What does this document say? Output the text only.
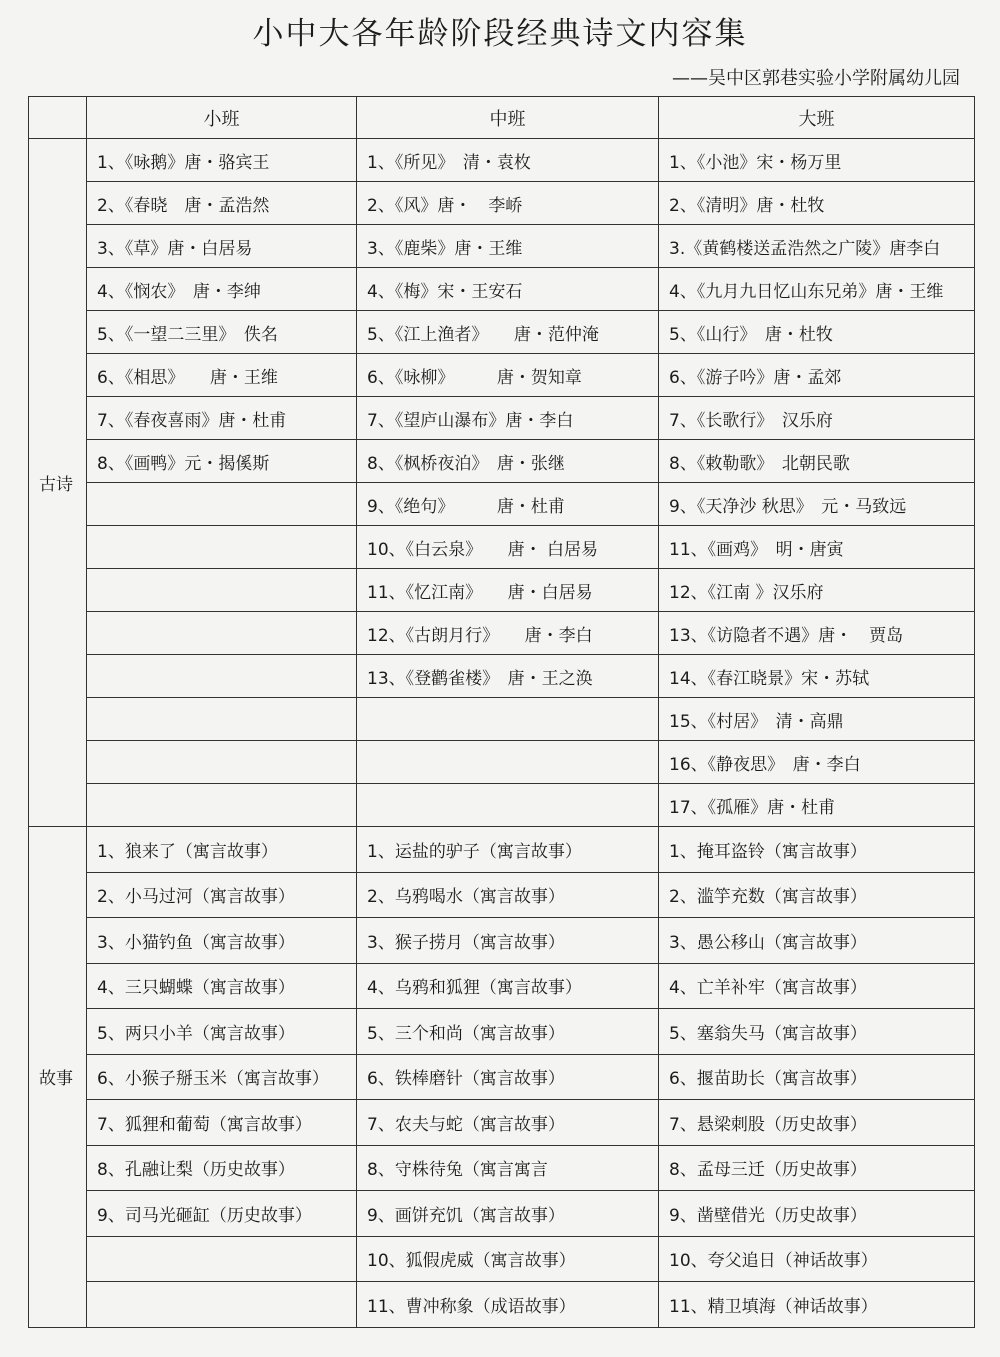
小中大各年龄阶段经典诗文内容集
——吴中区郭巷实验小学附属幼儿园
	小班	中班	大班
古诗	1、《咏鹅》唐・骆宾王	1、《所见》　清・袁枚	1、《小池》宋・杨万里
	2、《春晓　唐・孟浩然	2、《风》唐・　李峤	2、《清明》唐・杜牧
	3、《草》唐・白居易	3、《鹿柴》唐・王维	3.《黄鹤楼送孟浩然之广陵》唐李白
	4、《悯农》　唐・李绅	4、《梅》宋・王安石	4、《九月九日忆山东兄弟》唐・王维
	5、《一望二三里》　佚名	5、《江上渔者》　　唐・范仲淹	5、《山行》　唐・杜牧
	6、《相思》　　唐・王维	6、《咏柳》　　　唐・贺知章	6、《游子吟》唐・孟郊
	7、《春夜喜雨》唐・杜甫	7、《望庐山瀑布》唐・李白	7、《长歌行》　汉乐府
	8、《画鸭》元・揭傒斯	8、《枫桥夜泊》　唐・张继	8、《敕勒歌》　北朝民歌
		9、《绝句》　　　唐・杜甫	9、《天净沙 秋思》　元・马致远
		10、《白云泉》　　唐・ 白居易	11、《画鸡》　明・唐寅
		11、《忆江南》　　唐・白居易	12、《江南 》汉乐府
		12、《古朗月行》　　唐・李白	13、《访隐者不遇》唐・　贾岛
		13、《登鹳雀楼》　唐・王之涣	14、《春江晓景》宋・苏轼
			15、《村居》　清・高鼎
			16、《静夜思》　唐・李白
			17、《孤雁》唐・杜甫
故事	1、狼来了（寓言故事）	1、运盐的驴子（寓言故事）	1、掩耳盗铃（寓言故事）
	2、小马过河（寓言故事）	2、乌鸦喝水（寓言故事）	2、滥竽充数（寓言故事）
	3、小猫钓鱼（寓言故事）	3、猴子捞月（寓言故事）	3、愚公移山（寓言故事）
	4、三只蝴蝶（寓言故事）	4、乌鸦和狐狸（寓言故事）	4、亡羊补牢（寓言故事）
	5、两只小羊（寓言故事）	5、三个和尚（寓言故事）	5、塞翁失马（寓言故事）
	6、小猴子掰玉米（寓言故事）	6、铁棒磨针（寓言故事）	6、揠苗助长（寓言故事）
	7、狐狸和葡萄（寓言故事）	7、农夫与蛇（寓言故事）	7、悬梁刺股（历史故事）
	8、孔融让梨（历史故事）	8、守株待兔（寓言寓言	8、孟母三迁（历史故事）
	9、司马光砸缸（历史故事）	9、画饼充饥（寓言故事）	9、凿壁借光（历史故事）
		10、狐假虎威（寓言故事）	10、夸父追日（神话故事）
		11、曹冲称象（成语故事）	11、精卫填海（神话故事）
